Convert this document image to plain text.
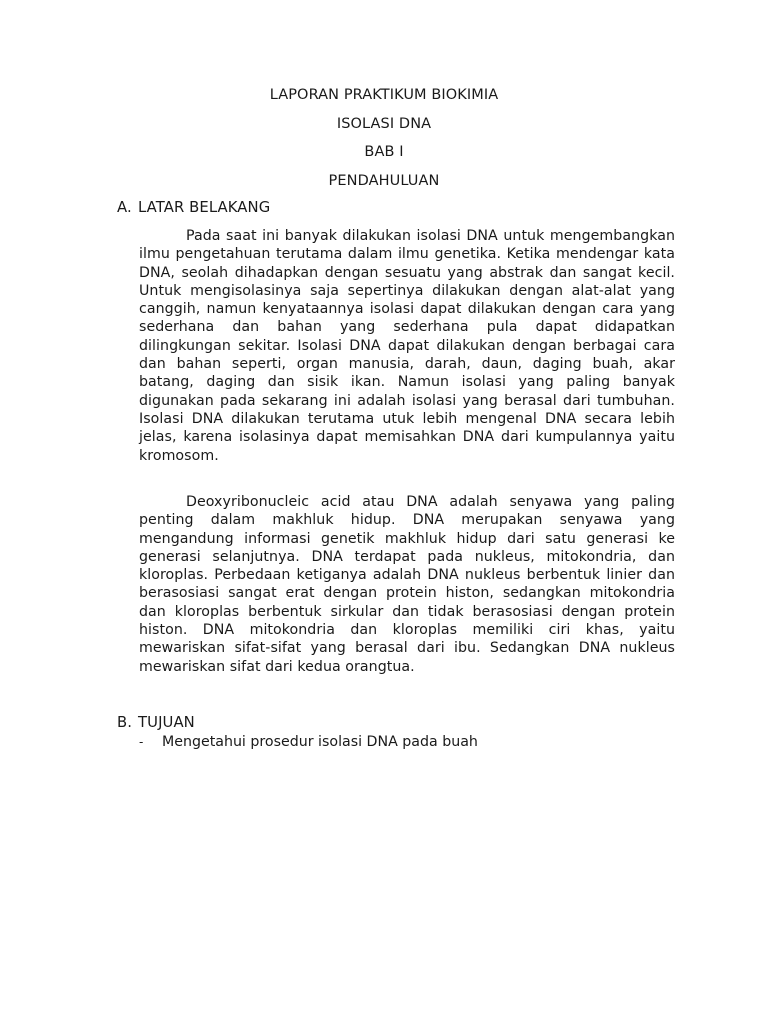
LAPORAN PRAKTIKUM BIOKIMIA
ISOLASI DNA
BAB I
PENDAHULUAN
A. LATAR BELAKANG

Pada saat ini banyak dilakukan isolasi DNA untuk mengembangkan ilmu pengetahuan terutama dalam ilmu genetika. Ketika mendengar kata DNA, seolah dihadapkan dengan sesuatu yang abstrak dan sangat kecil. Untuk mengisolasinya saja sepertinya dilakukan dengan alat-alat yang canggih, namun kenyataannya isolasi dapat dilakukan dengan cara yang sederhana dan bahan yang sederhana pula dapat didapatkan dilingkungan sekitar. Isolasi DNA dapat dilakukan dengan berbagai cara dan bahan seperti, organ manusia, darah, daun, daging buah, akar batang, daging dan sisik ikan. Namun isolasi yang paling banyak digunakan pada sekarang ini adalah isolasi yang berasal dari tumbuhan. Isolasi DNA dilakukan terutama utuk lebih mengenal DNA secara lebih jelas, karena isolasinya dapat memisahkan DNA dari kumpulannya yaitu kromosom.

Deoxyribonucleic acid atau DNA adalah senyawa yang paling penting dalam makhluk hidup. DNA merupakan senyawa yang mengandung informasi genetik makhluk hidup dari satu generasi ke generasi selanjutnya. DNA terdapat pada nukleus, mitokondria, dan kloroplas. Perbedaan ketiganya adalah DNA nukleus berbentuk linier dan berasosiasi sangat erat dengan protein histon, sedangkan mitokondria dan kloroplas berbentuk sirkular dan tidak berasosiasi dengan protein histon. DNA mitokondria dan kloroplas memiliki ciri khas, yaitu mewariskan sifat-sifat yang berasal dari ibu. Sedangkan DNA nukleus mewariskan sifat dari kedua orangtua.

B. TUJUAN
-	Mengetahui prosedur isolasi DNA pada buah
